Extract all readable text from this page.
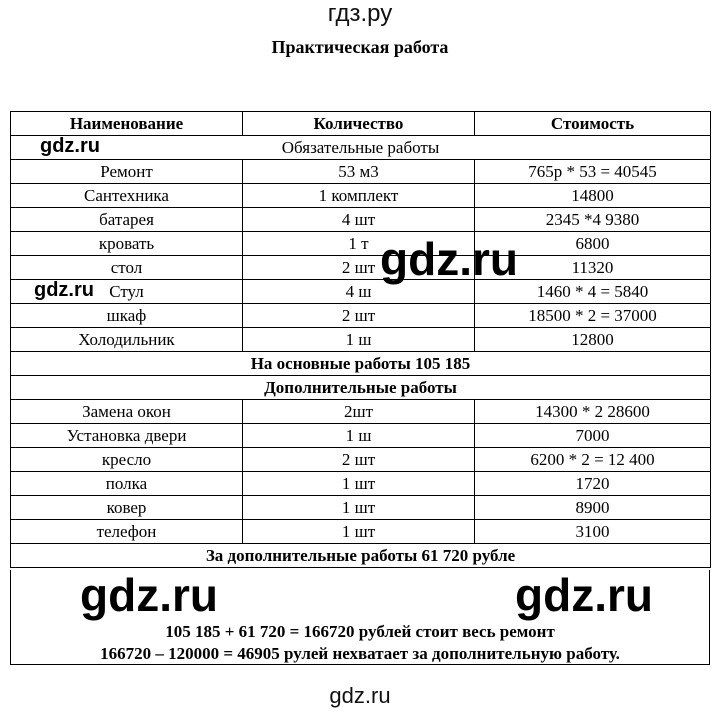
гдз.ру
Практическая работа
Наименование	Количество	Стоимость
Обязательные работы		
Ремонт	53 м3	765р * 53 = 40545
Сантехника	1 комплект	14800
батарея	4 шт	2345 *4 9380
кровать	1 т	6800
стол	2 шт	11320
Стул	4 ш	1460 * 4 = 5840
шкаф	2 шт	18500 * 2 = 37000
Холодильник	1 ш	12800
На основные работы 105 185		
Дополнительные работы		
Замена окон	2шт	14300 * 2 28600
Установка двери	1 ш	7000
кресло	2 шт	6200 * 2 = 12 400
полка	1 шт	1720
ковер	1 шт	8900
телефон	1 шт	3100
За дополнительные работы 61 720 рубле		
105 185 + 61 720 = 166720 рублей стоит весь ремонт
166720 – 120000 = 46905 рулей нехватает за дополнительную работу.
gdz.ru
gdz.ru
gdz.ru
gdz.ru	gdz.ru
gdz.ru
